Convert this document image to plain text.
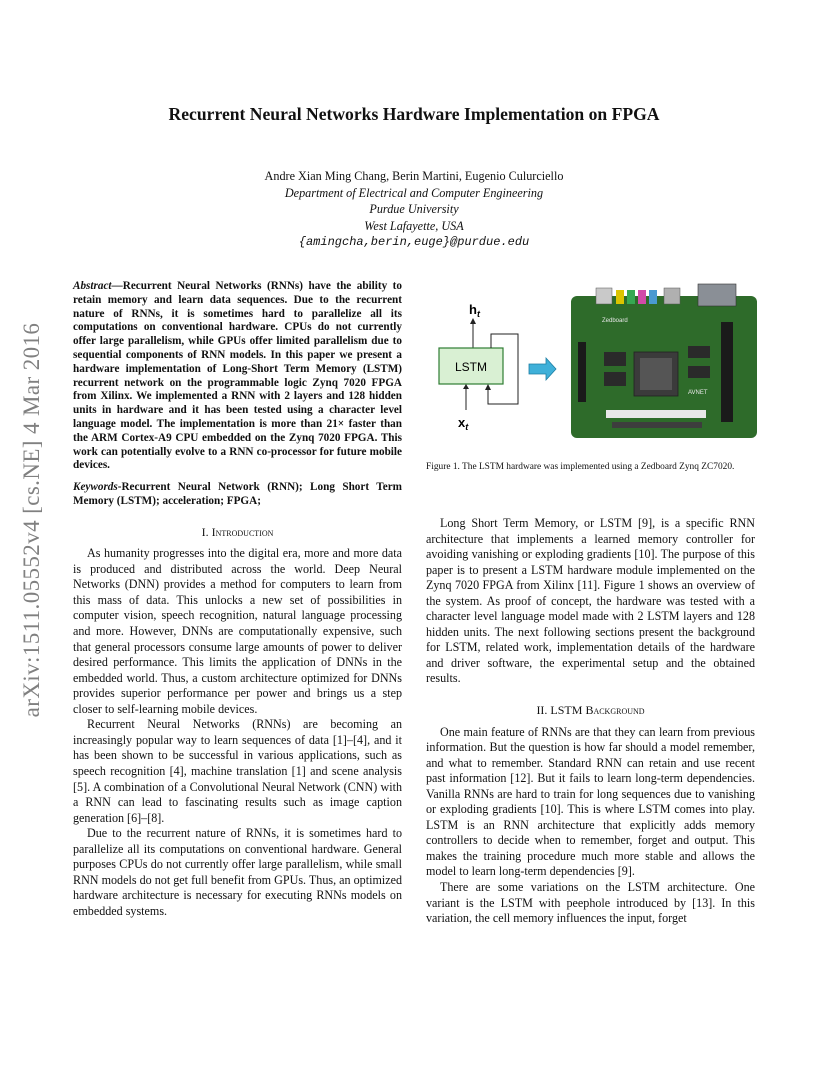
Recurrent Neural Networks Hardware Implementation on FPGA
Andre Xian Ming Chang, Berin Martini, Eugenio Culurciello
Department of Electrical and Computer Engineering
Purdue University
West Lafayette, USA
{amingcha,berin,euge}@purdue.edu
arXiv:1511.05552v4 [cs.NE] 4 Mar 2016
Abstract—Recurrent Neural Networks (RNNs) have the ability to retain memory and learn data sequences. Due to the recurrent nature of RNNs, it is sometimes hard to parallelize all its computations on conventional hardware. CPUs do not currently offer large parallelism, while GPUs offer limited parallelism due to sequential components of RNN models. In this paper we present a hardware implementation of Long-Short Term Memory (LSTM) recurrent network on the programmable logic Zynq 7020 FPGA from Xilinx. We implemented a RNN with 2 layers and 128 hidden units in hardware and it has been tested using a character level language model. The implementation is more than 21× faster than the ARM Cortex-A9 CPU embedded on the Zynq 7020 FPGA. This work can potentially evolve to a RNN co-processor for future mobile devices.
Keywords-Recurrent Neural Network (RNN); Long Short Term Memory (LSTM); acceleration; FPGA;
I. Introduction

As humanity progresses into the digital era, more and more data is produced and distributed across the world. Deep Neural Networks (DNN) provides a method for computers to learn from this mass of data. This unlocks a new set of possibilities in computer vision, speech recognition, natural language processing and more. However, DNNs are computationally expensive, such that general processors consume large amounts of power to deliver desired performance. This limits the application of DNNs in the embedded world. Thus, a custom architecture optimized for DNNs provides superior performance per power and brings us a step closer to self-learning mobile devices.

Recurrent Neural Networks (RNNs) are becoming an increasingly popular way to learn sequences of data [1]–[4], and it has been shown to be successful in various applications, such as speech recognition [4], machine translation [1] and scene analysis [5]. A combination of a Convolutional Neural Network (CNN) with a RNN can lead to fascinating results such as image caption generation [6]–[8].

Due to the recurrent nature of RNNs, it is sometimes hard to parallelize all its computations on conventional hardware. General purposes CPUs do not currently offer large parallelism, while small RNN models do not get full benefit from GPUs. Thus, an optimized hardware architecture is necessary for executing RNNs models on embedded systems.

$h_t$
LSTM
$x_t$
AVNET
Zedboard
Figure 1. The LSTM hardware was implemented using a Zedboard Zynq ZC7020.

Long Short Term Memory, or LSTM [9], is a specific RNN architecture that implements a learned memory controller for avoiding vanishing or exploding gradients [10]. The purpose of this paper is to present a LSTM hardware module implemented on the Zynq 7020 FPGA from Xilinx [11]. Figure 1 shows an overview of the system. As proof of concept, the hardware was tested with a character level language model made with 2 LSTM layers and 128 hidden units. The next following sections present the background for LSTM, related work, implementation details of the hardware and driver software, the experimental setup and the obtained results.

II. LSTM Background

One main feature of RNNs are that they can learn from previous information. But the question is how far should a model remember, and what to remember. Standard RNN can retain and use recent past information [12]. But it fails to learn long-term dependencies. Vanilla RNNs are hard to train for long sequences due to vanishing or exploding gradients [10]. This is where LSTM comes into play. LSTM is an RNN architecture that explicitly adds memory controllers to decide when to remember, forget and output. This makes the training procedure much more stable and allows the model to learn long-term dependencies [9].

There are some variations on the LSTM architecture. One variant is the LSTM with peephole introduced by [13]. In this variation, the cell memory influences the input, forget
